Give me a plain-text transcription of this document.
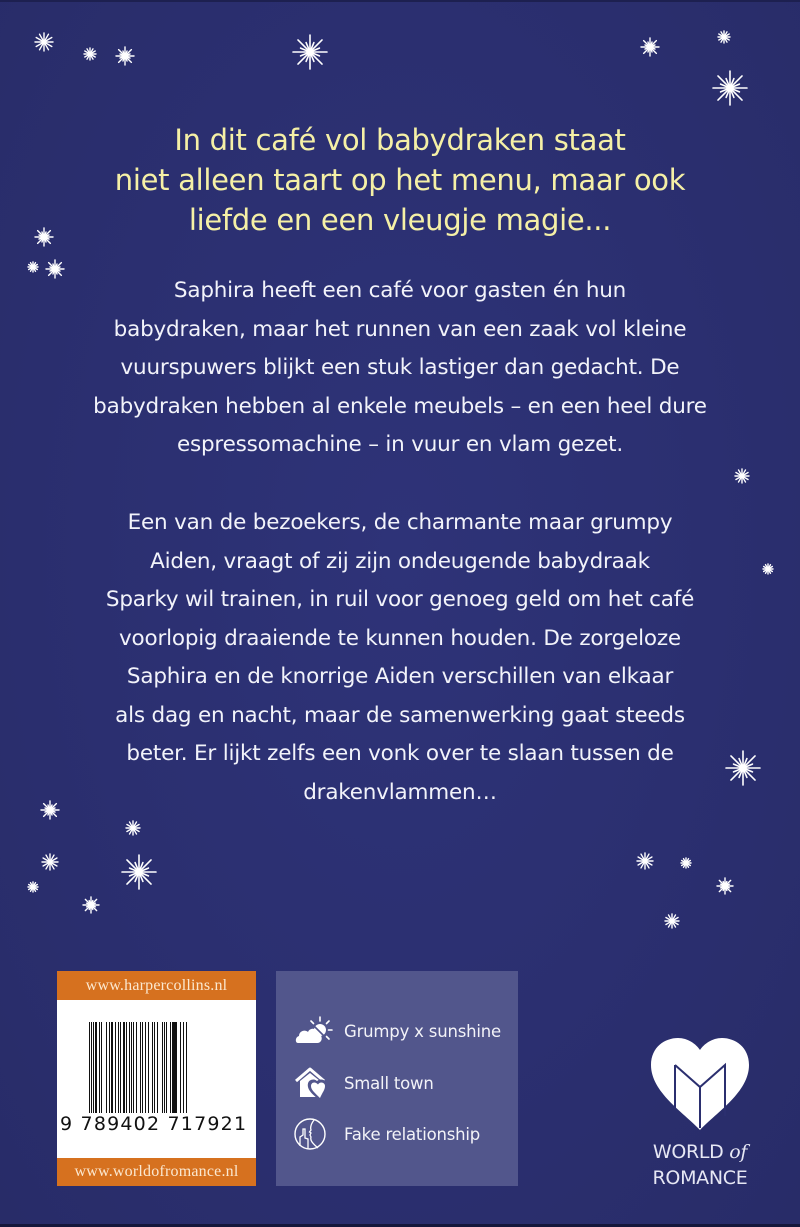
In dit café vol babydraken staat
niet alleen taart op het menu, maar ook
liefde en een vleugje magie...
Saphira heeft een café voor gasten én hun
babydraken, maar het runnen van een zaak vol kleine
vuurspuwers blijkt een stuk lastiger dan gedacht. De
babydraken hebben al enkele meubels – en een heel dure
espressomachine – in vuur en vlam gezet.
Een van de bezoekers, de charmante maar grumpy
Aiden, vraagt of zij zijn ondeugende babydraak
Sparky wil trainen, in ruil voor genoeg geld om het café
voorlopig draaiende te kunnen houden. De zorgeloze
Saphira en de knorrige Aiden verschillen van elkaar
als dag en nacht, maar de samenwerking gaat steeds
beter. Er lijkt zelfs een vonk over te slaan tussen de
drakenvlammen…
www.harpercollins.nl
9 789402 717921
www.worldofromance.nl
Grumpy x sunshine
Small town
Fake relationship
WORLD of
ROMANCE
